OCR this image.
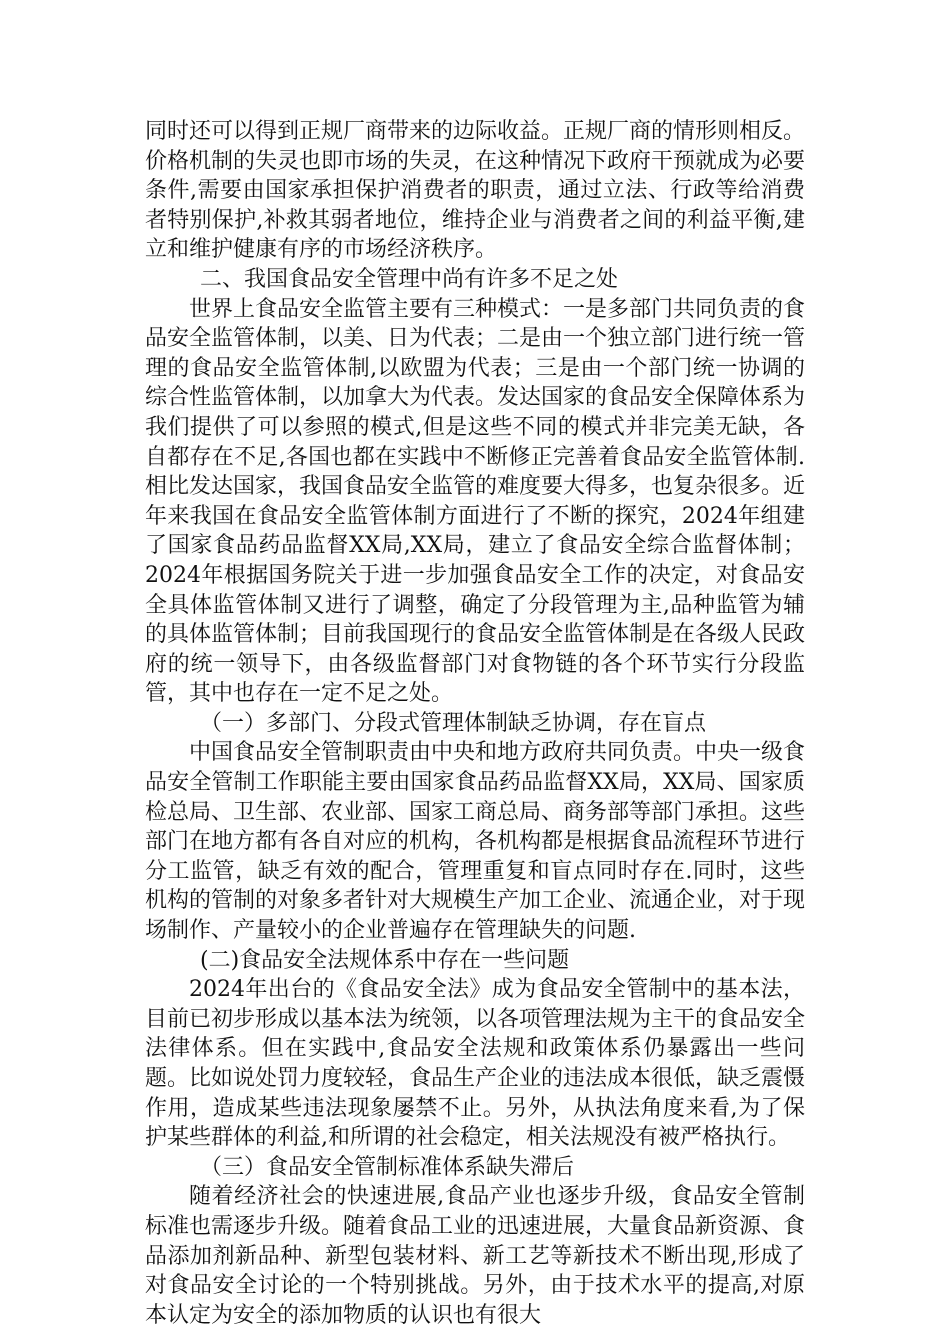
同时还可以得到正规厂商带来的边际收益。正规厂商的情形则相反。价格机制的失灵也即市场的失灵，在这种情况下政府干预就成为必要条件,需要由国家承担保护消费者的职责，通过立法、行政等给消费者特别保护,补救其弱者地位，维持企业与消费者之间的利益平衡,建立和维护健康有序的市场经济秩序。

二、我国食品安全管理中尚有许多不足之处

世界上食品安全监管主要有三种模式：一是多部门共同负责的食品安全监管体制，以美、日为代表；二是由一个独立部门进行统一管理的食品安全监管体制,以欧盟为代表；三是由一个部门统一协调的综合性监管体制，以加拿大为代表。发达国家的食品安全保障体系为我们提供了可以参照的模式,但是这些不同的模式并非完美无缺，各自都存在不足,各国也都在实践中不断修正完善着食品安全监管体制.相比发达国家，我国食品安全监管的难度要大得多，也复杂很多。近年来我国在食品安全监管体制方面进行了不断的探究，2024年组建了国家食品药品监督XX局,XX局，建立了食品安全综合监督体制；2024年根据国务院关于进一步加强食品安全工作的决定，对食品安全具体监管体制又进行了调整，确定了分段管理为主,品种监管为辅的具体监管体制；目前我国现行的食品安全监管体制是在各级人民政府的统一领导下，由各级监督部门对食物链的各个环节实行分段监管，其中也存在一定不足之处。

（一）多部门、分段式管理体制缺乏协调，存在盲点

中国食品安全管制职责由中央和地方政府共同负责。中央一级食品安全管制工作职能主要由国家食品药品监督XX局，XX局、国家质检总局、卫生部、农业部、国家工商总局、商务部等部门承担。这些部门在地方都有各自对应的机构，各机构都是根据食品流程环节进行分工监管，缺乏有效的配合，管理重复和盲点同时存在.同时，这些机构的管制的对象多者针对大规模生产加工企业、流通企业，对于现场制作、产量较小的企业普遍存在管理缺失的问题.

(二)食品安全法规体系中存在一些问题

2024年出台的《食品安全法》成为食品安全管制中的基本法，目前已初步形成以基本法为统领，以各项管理法规为主干的食品安全法律体系。但在实践中,食品安全法规和政策体系仍暴露出一些问题。比如说处罚力度较轻，食品生产企业的违法成本很低，缺乏震慑作用，造成某些违法现象屡禁不止。另外，从执法角度来看,为了保护某些群体的利益,和所谓的社会稳定，相关法规没有被严格执行。

（三）食品安全管制标准体系缺失滞后

随着经济社会的快速进展,食品产业也逐步升级，食品安全管制标准也需逐步升级。随着食品工业的迅速进展，大量食品新资源、食品添加剂新品种、新型包装材料、新工艺等新技术不断出现,形成了对食品安全讨论的一个特别挑战。另外，由于技术水平的提高,对原本认定为安全的添加物质的认识也有很大
